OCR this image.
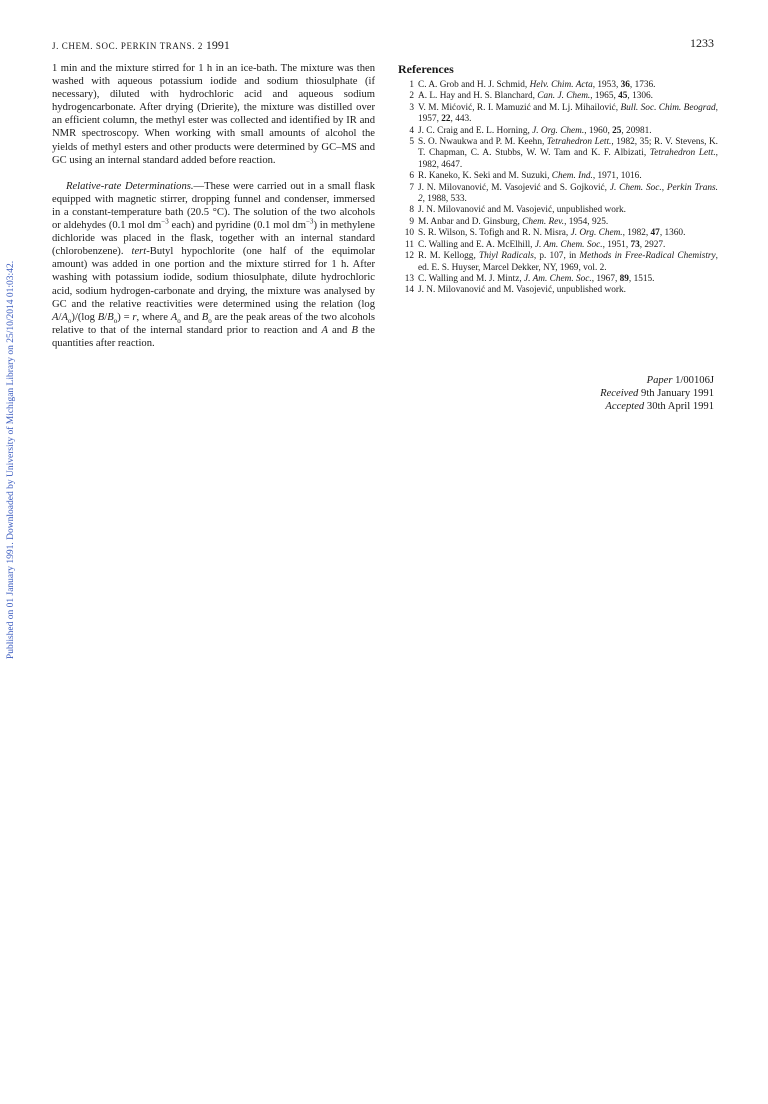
J. CHEM. SOC. PERKIN TRANS. 2 1991	1233
Published on 01 January 1991. Downloaded by University of Michigan Library on 25/10/2014 01:03:42.

1 min and the mixture stirred for 1 h in an ice-bath. The mixture was then washed with aqueous potassium iodide and sodium thiosulphate (if necessary), diluted with hydrochloric acid and aqueous sodium hydrogencarbonate. After drying (Drierite), the mixture was distilled over an efficient column, the methyl ester was collected and identified by IR and NMR spectroscopy. When working with small amounts of alcohol the yields of methyl esters and other products were determined by GC–MS and GC using an internal standard added before reaction.

Relative-rate Determinations.—These were carried out in a small flask equipped with magnetic stirrer, dropping funnel and condenser, immersed in a constant-temperature bath (20.5 °C). The solution of the two alcohols or aldehydes (0.1 mol $dm^{-3}$ each) and pyridine (0.1 mol $dm^{-3}$) in methylene dichloride was placed in the flask, together with an internal standard (chlorobenzene). tert-Butyl hypochlorite (one half of the equimolar amount) was added in one portion and the mixture stirred for 1 h. After washing with potassium iodide, sodium thiosulphate, dilute hydrochloric acid, sodium hydrogen-carbonate and drying, the mixture was analysed by GC and the relative reactivities were determined using the relation (log $A/A_o)/(\log$ $B/B_o) = r$, where $A_o$ and $B_o$ are the peak areas of the two alcohols relative to that of the internal standard prior to reaction and A and B the quantities after reaction.

References
1 C. A. Grob and H. J. Schmid, Helv. Chim. Acta, 1953, 36, 1736.
2 A. L. Hay and H. S. Blanchard, Can. J. Chem., 1965, 45, 1306.
3 V. M. Mićović, R. I. Mamuzić and M. Lj. Mihailović, Bull. Soc. Chim. Beograd, 1957, 22, 443.
4 J. C. Craig and E. L. Horning, J. Org. Chem., 1960, 25, 20981.
5 S. O. Nwaukwa and P. M. Keehn, Tetrahedron Lett., 1982, 35; R. V. Stevens, K. T. Chapman, C. A. Stubbs, W. W. Tam and K. F. Albizati, Tetrahedron Lett., 1982, 4647.
6 R. Kaneko, K. Seki and M. Suzuki, Chem. Ind., 1971, 1016.
7 J. N. Milovanović, M. Vasojević and S. Gojković, J. Chem. Soc., Perkin Trans. 2, 1988, 533.
8 J. N. Milovanović and M. Vasojević, unpublished work.
9 M. Anbar and D. Ginsburg, Chem. Rev., 1954, 925.
10 S. R. Wilson, S. Tofigh and R. N. Misra, J. Org. Chem., 1982, 47, 1360.
11 C. Walling and E. A. McElhill, J. Am. Chem. Soc., 1951, 73, 2927.
12 R. M. Kellogg, Thiyl Radicals, p. 107, in Methods in Free-Radical Chemistry, ed. E. S. Huyser, Marcel Dekker, NY, 1969, vol. 2.
13 C. Walling and M. J. Mintz, J. Am. Chem. Soc., 1967, 89, 1515.
14 J. N. Milovanović and M. Vasojević, unpublished work.
Paper 1/00106J
Received 9th January 1991
Accepted 30th April 1991
